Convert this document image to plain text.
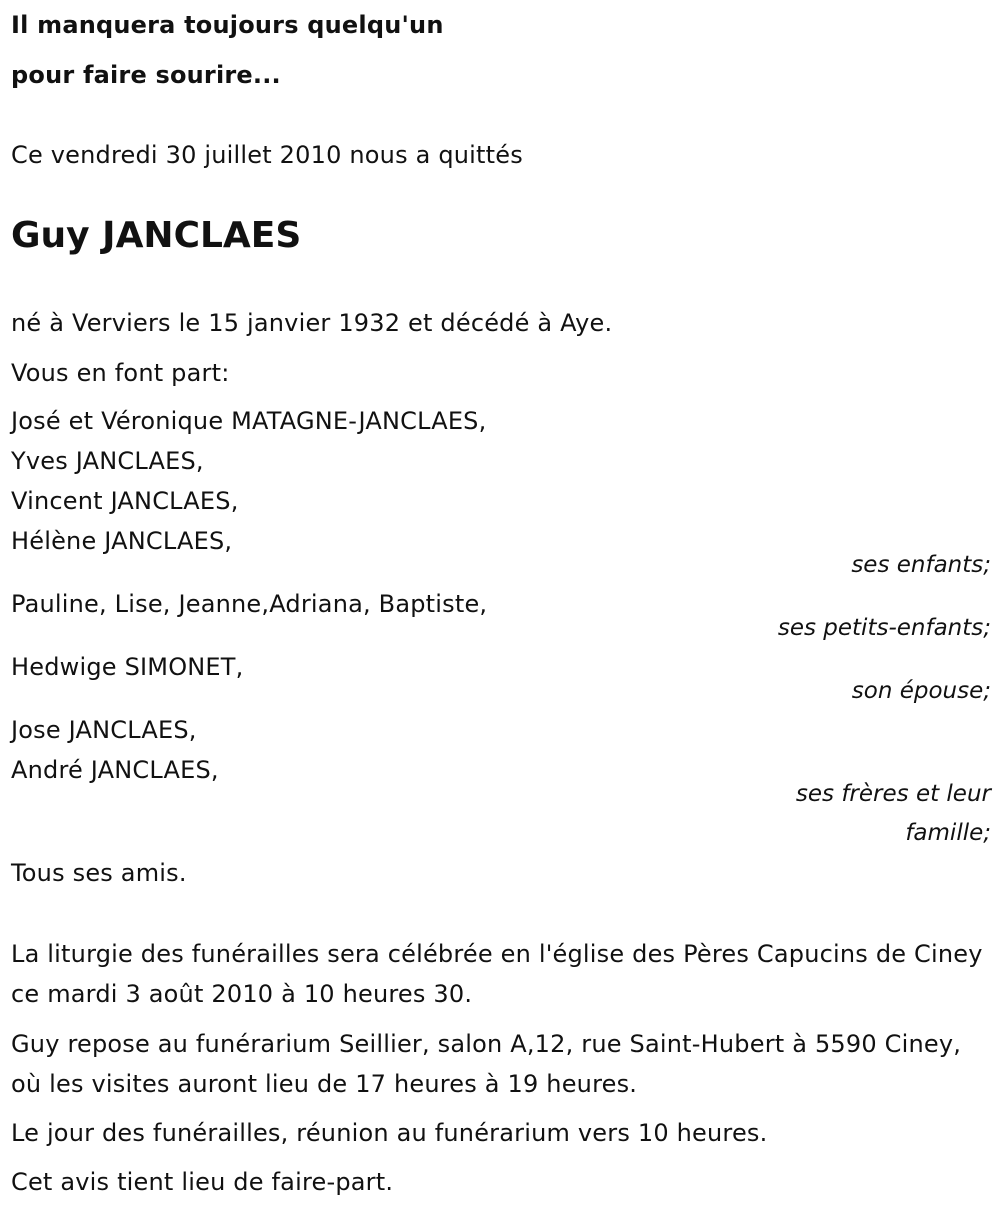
Il manquera toujours quelqu'un
pour faire sourire...
Ce vendredi 30 juillet 2010 nous a quittés
Guy JANCLAES
né à Verviers le 15 janvier 1932 et décédé à Aye.
Vous en font part:
José et Véronique MATAGNE-JANCLAES,
Yves JANCLAES,
Vincent JANCLAES,
Hélène JANCLAES,
ses enfants;
Pauline, Lise, Jeanne,Adriana, Baptiste,
ses petits-enfants;
Hedwige SIMONET,
son épouse;
Jose JANCLAES,
André JANCLAES,
ses frères et leur
famille;
Tous ses amis.
La liturgie des funérailles sera célébrée en l'église des Pères Capucins de Ciney ce mardi 3 août 2010 à 10 heures 30.
Guy repose au funérarium Seillier, salon A,12, rue Saint-Hubert à 5590 Ciney, où les visites auront lieu de 17 heures à 19 heures.
Le jour des funérailles, réunion au funérarium vers 10 heures.
Cet avis tient lieu de faire-part.
